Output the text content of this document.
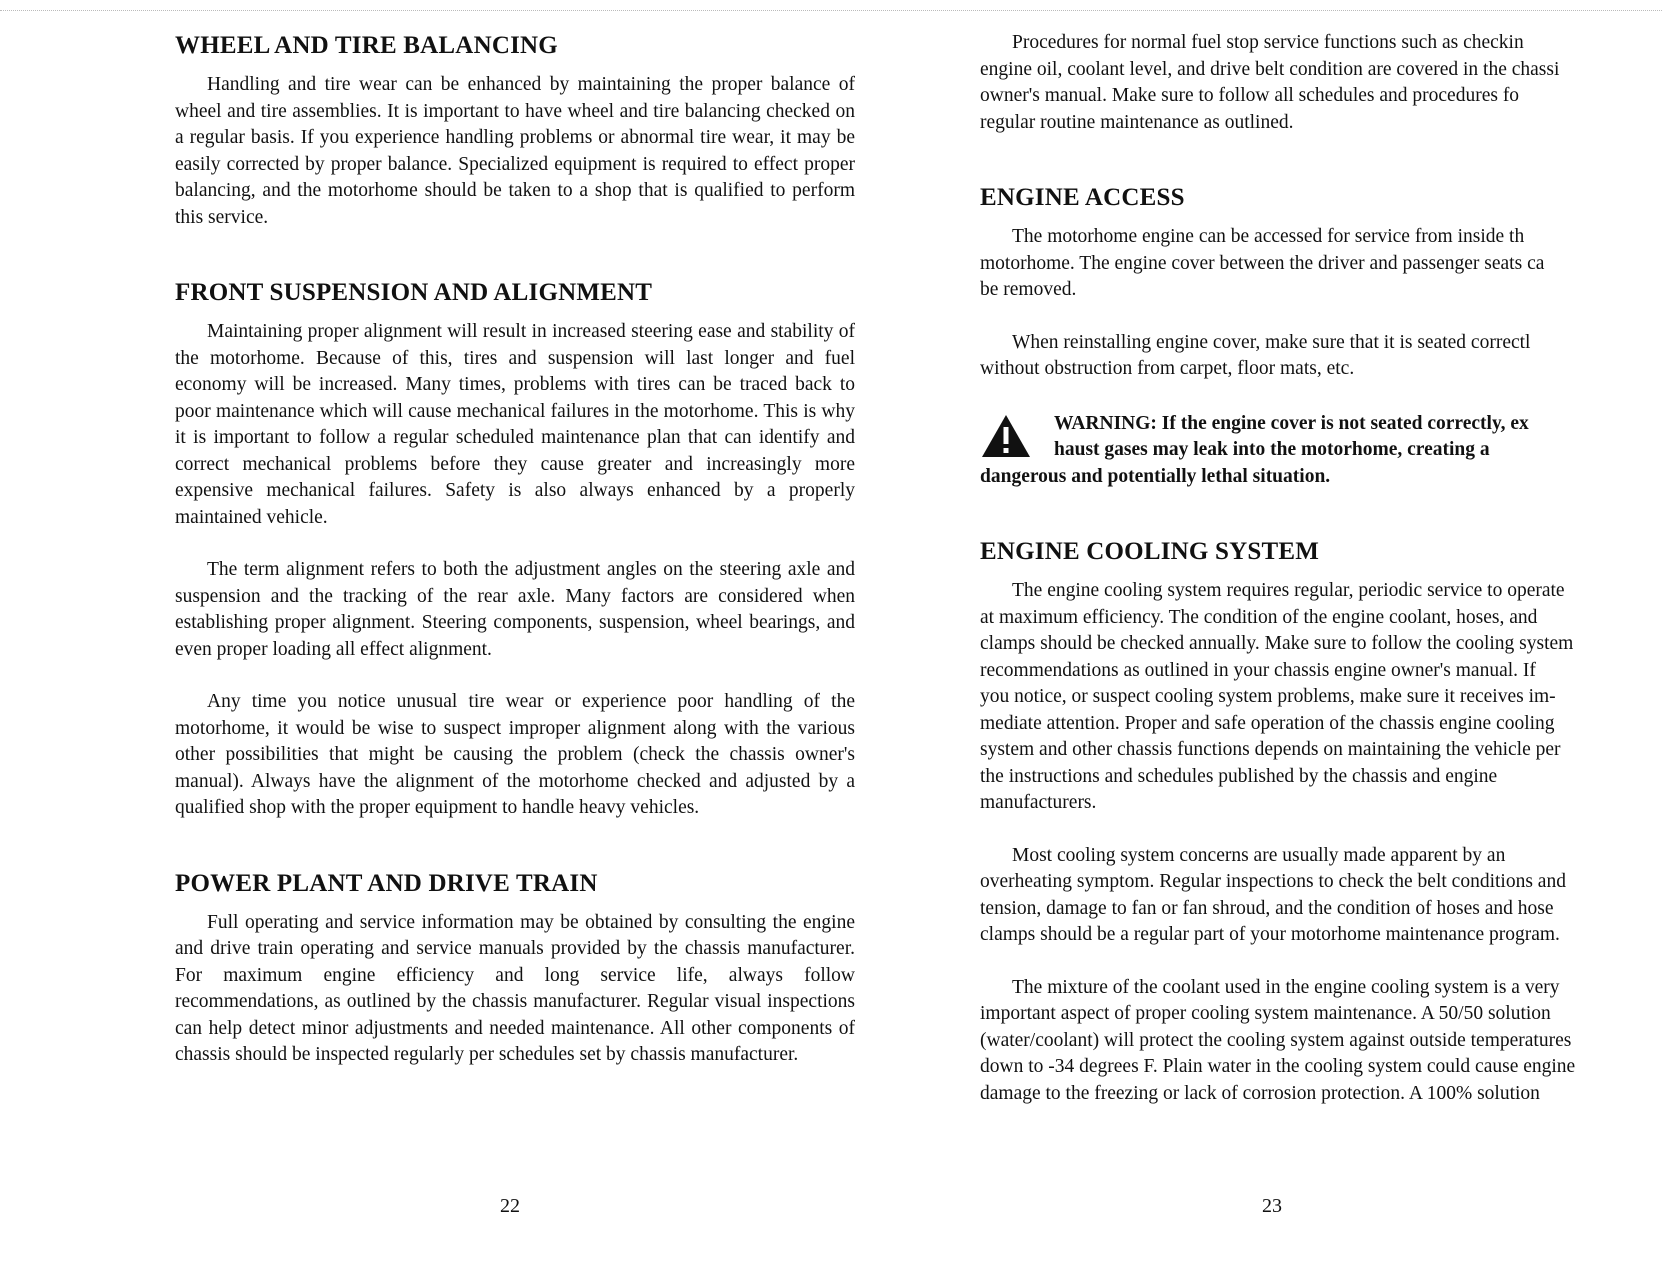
WHEEL AND TIRE BALANCING

Handling and tire wear can be enhanced by maintaining the proper balance of wheel and tire assemblies. It is important to have wheel and tire balancing checked on a regular basis. If you experience handling problems or abnormal tire wear, it may be easily corrected by proper balance. Specialized equipment is required to effect proper balancing, and the motorhome should be taken to a shop that is qualified to perform this service.

FRONT SUSPENSION AND ALIGNMENT

Maintaining proper alignment will result in increased steering ease and stability of the motorhome. Because of this, tires and suspension will last longer and fuel economy will be increased. Many times, problems with tires can be traced back to poor maintenance which will cause mechanical failures in the motorhome. This is why it is important to follow a regular scheduled maintenance plan that can identify and correct mechanical problems before they cause greater and increasingly more expensive mechanical failures. Safety is also always enhanced by a properly maintained vehicle.

The term alignment refers to both the adjustment angles on the steering axle and suspension and the tracking of the rear axle. Many factors are considered when establishing proper alignment. Steering components, suspension, wheel bearings, and even proper loading all effect alignment.

Any time you notice unusual tire wear or experience poor handling of the motorhome, it would be wise to suspect improper alignment along with the various other possibilities that might be causing the problem (check the chassis owner's manual). Always have the alignment of the motorhome checked and adjusted by a qualified shop with the proper equipment to handle heavy vehicles.

POWER PLANT AND DRIVE TRAIN

Full operating and service information may be obtained by consulting the engine and drive train operating and service manuals provided by the chassis manufacturer. For maximum engine efficiency and long service life, always follow recommendations, as outlined by the chassis manufacturer. Regular visual inspections can help detect minor adjustments and needed maintenance. All other components of chassis should be inspected regularly per schedules set by chassis manufacturer.

22

Procedures for normal fuel stop service functions such as checkin

engine oil, coolant level, and drive belt condition are covered in the chassi

owner's manual. Make sure to follow all schedules and procedures fo

regular routine maintenance as outlined.

ENGINE ACCESS

The motorhome engine can be accessed for service from inside th

motorhome. The engine cover between the driver and passenger seats ca

be removed.

When reinstalling engine cover, make sure that it is seated correctl

without obstruction from carpet, floor mats, etc.

WARNING: If the engine cover is not seated correctly, ex

haust gases may leak into the motorhome, creating a

dangerous and potentially lethal situation.

ENGINE COOLING SYSTEM

The engine cooling system requires regular, periodic service to operate

at maximum efficiency. The condition of the engine coolant, hoses, and

clamps should be checked annually. Make sure to follow the cooling system

recommendations as outlined in your chassis engine owner's manual. If

you notice, or suspect cooling system problems, make sure it receives im-

mediate attention. Proper and safe operation of the chassis engine cooling

system and other chassis functions depends on maintaining the vehicle per

the instructions and schedules published by the chassis and engine

manufacturers.

Most cooling system concerns are usually made apparent by an

overheating symptom. Regular inspections to check the belt conditions and

tension, damage to fan or fan shroud, and the condition of hoses and hose

clamps should be a regular part of your motorhome maintenance program.

The mixture of the coolant used in the engine cooling system is a very

important aspect of proper cooling system maintenance. A 50/50 solution

(water/coolant) will protect the cooling system against outside temperatures

down to -34 degrees F. Plain water in the cooling system could cause engine

damage to the freezing or lack of corrosion protection. A 100% solution

23
